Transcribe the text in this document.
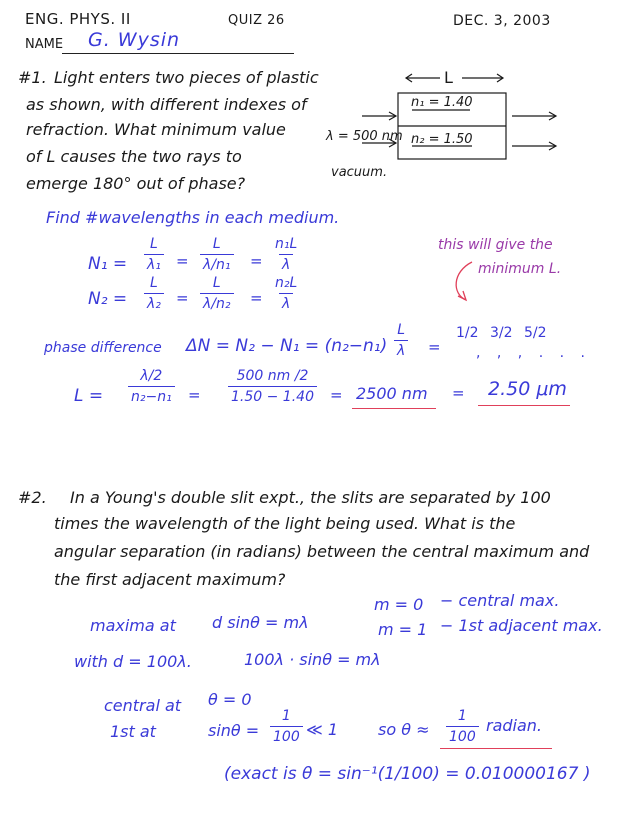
ENG. PHYS. II	QUIZ 26	DEC. 3, 2003
NAME G. Wysin
#1. Light enters two pieces of plastic
as shown, with different indexes of
refraction. What minimum value
of L causes the two rays to
emerge 180° out of phase?
L
n₁ = 1.40
n₂ = 1.50
λ = 500 nm
vacuum.
Find #wavelengths in each medium.
$N_1 = \frac{L}{\text{λ₁}} = \frac{L}{\text{λ/n₁}} = \frac{\text{n₁L}}{\lambda}$
$N_2 = \frac{L}{\text{λ₂}} = \frac{L}{\text{λ/n₂}} = \frac{\text{n₂L}}{\lambda}$
this will give the
minimum L.
phase difference $\Delta N = N_2 - N_1 = (n_2-n_1) \frac{L}{\lambda}$ =
1/2 3/2 5/2
, , , . . .
$L = \frac{\lambda/2}{\text{n₂−n₁}} = \frac{500 nm /2}{1.50 - 1.40} = 2500$ nm = 2.50 μm
#2. In a Young's double slit expt., the slits are separated by 100
times the wavelength of the light being used. What is the
angular separation (in radians) between the central maximum and
the first adjacent maximum?
maxima at d sinθ = mλ
m = 0 − central max.
m = 1 − 1st adjacent max.
with d = 100λ.	100λ · sinθ = mλ
central at θ = 0
1st at	$\sin\theta = \frac{1}{100}$ ≪ 1 so $\theta \approx \frac{1}{100}$ radian.
(exact is θ = sin⁻¹(1/100) = 0.010000167 )
